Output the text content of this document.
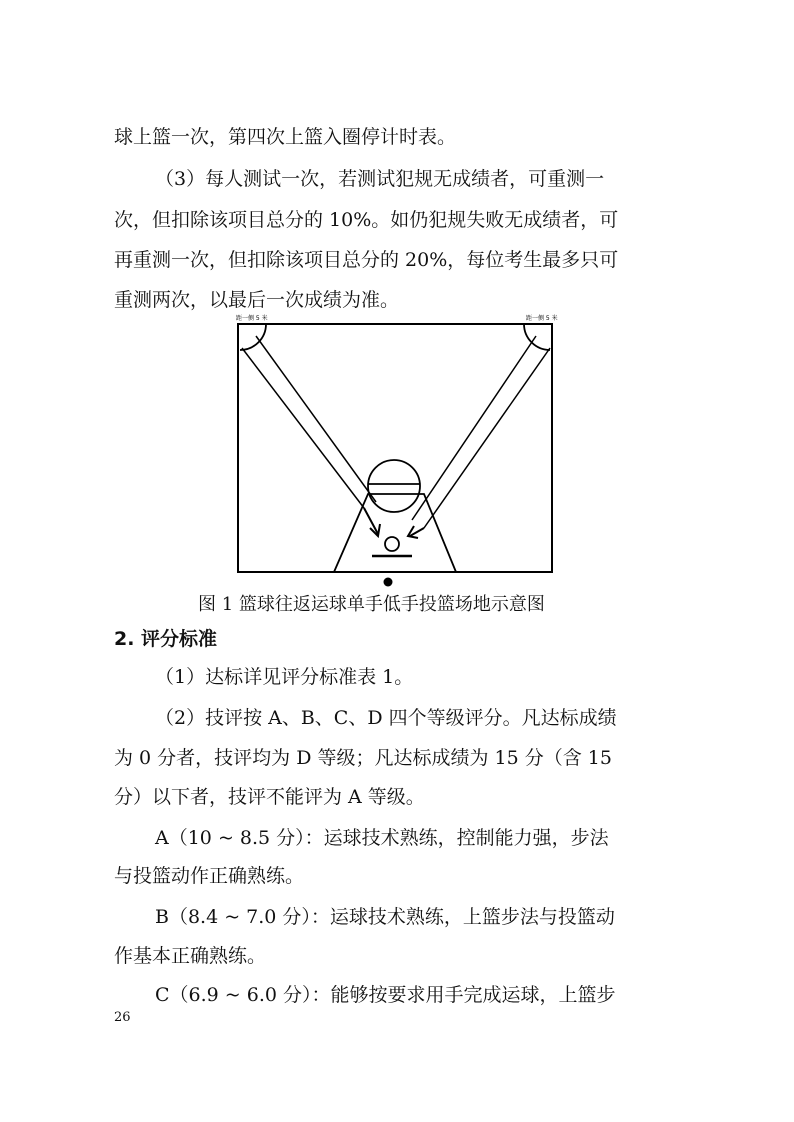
球上篮一次，第四次上篮入圈停计时表。
（3）每人测试一次，若测试犯规无成绩者，可重测一
次，但扣除该项目总分的 10%。如仍犯规失败无成绩者，可
再重测一次，但扣除该项目总分的 20%，每位考生最多只可
重测两次，以最后一次成绩为准。
距一侧 5 米	距一侧 5 米
图 1 篮球往返运球单手低手投篮场地示意图
2. 评分标准
（1）达标详见评分标准表 1。
（2）技评按 A、B、C、D 四个等级评分。凡达标成绩
为 0 分者，技评均为 D 等级；凡达标成绩为 15 分（含 15
分）以下者，技评不能评为 A 等级。
A（10 ~ 8.5 分）：运球技术熟练，控制能力强，步法
与投篮动作正确熟练。
B（8.4 ~ 7.0 分）：运球技术熟练，上篮步法与投篮动
作基本正确熟练。
C（6.9 ~ 6.0 分）：能够按要求用手完成运球，上篮步
26
